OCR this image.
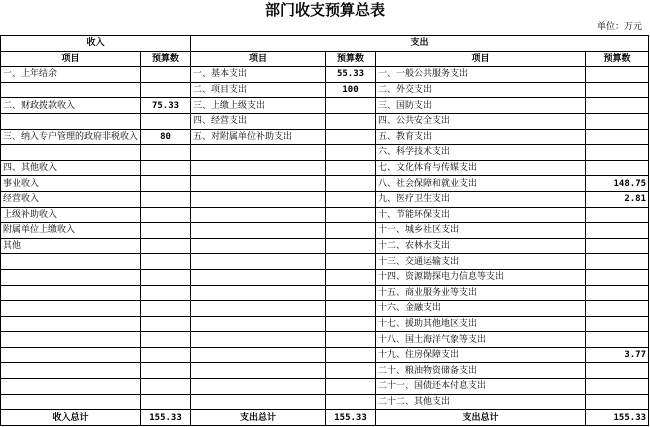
部门收支预算总表
单位：万元
收入		支出			
项目	预算数	项目	预算数	项目	预算数
一、上年结余		一、基本支出	55.33	一、一般公共服务支出	
		二、项目支出	100	二、外交支出	
二、财政拨款收入	75.33	三、上缴上级支出		三、国防支出	
		四、经营支出		四、公共安全支出	
三、纳入专户管理的政府非税收入	80	五、对附属单位补助支出		五、教育支出	
				六、科学技术支出	
四、其他收入				七、文化体育与传媒支出	
事业收入				八、社会保障和就业支出	148.75
经营收入				九、医疗卫生支出	2.81
上级补助收入				十、节能环保支出	
附属单位上缴收入				十一、城乡社区支出	
其他				十二、农林水支出	
				十三、交通运输支出	
				十四、资源勘探电力信息等支出	
				十五、商业服务业等支出	
				十六、金融支出	
				十七、援助其他地区支出	
				十八、国土海洋气象等支出	
				十九、住房保障支出	3.77
				二十、粮油物资储备支出	
				二十一、国债还本付息支出	
				二十二、其他支出	
收入总计	155.33	支出总计	155.33	支出总计	155.33
